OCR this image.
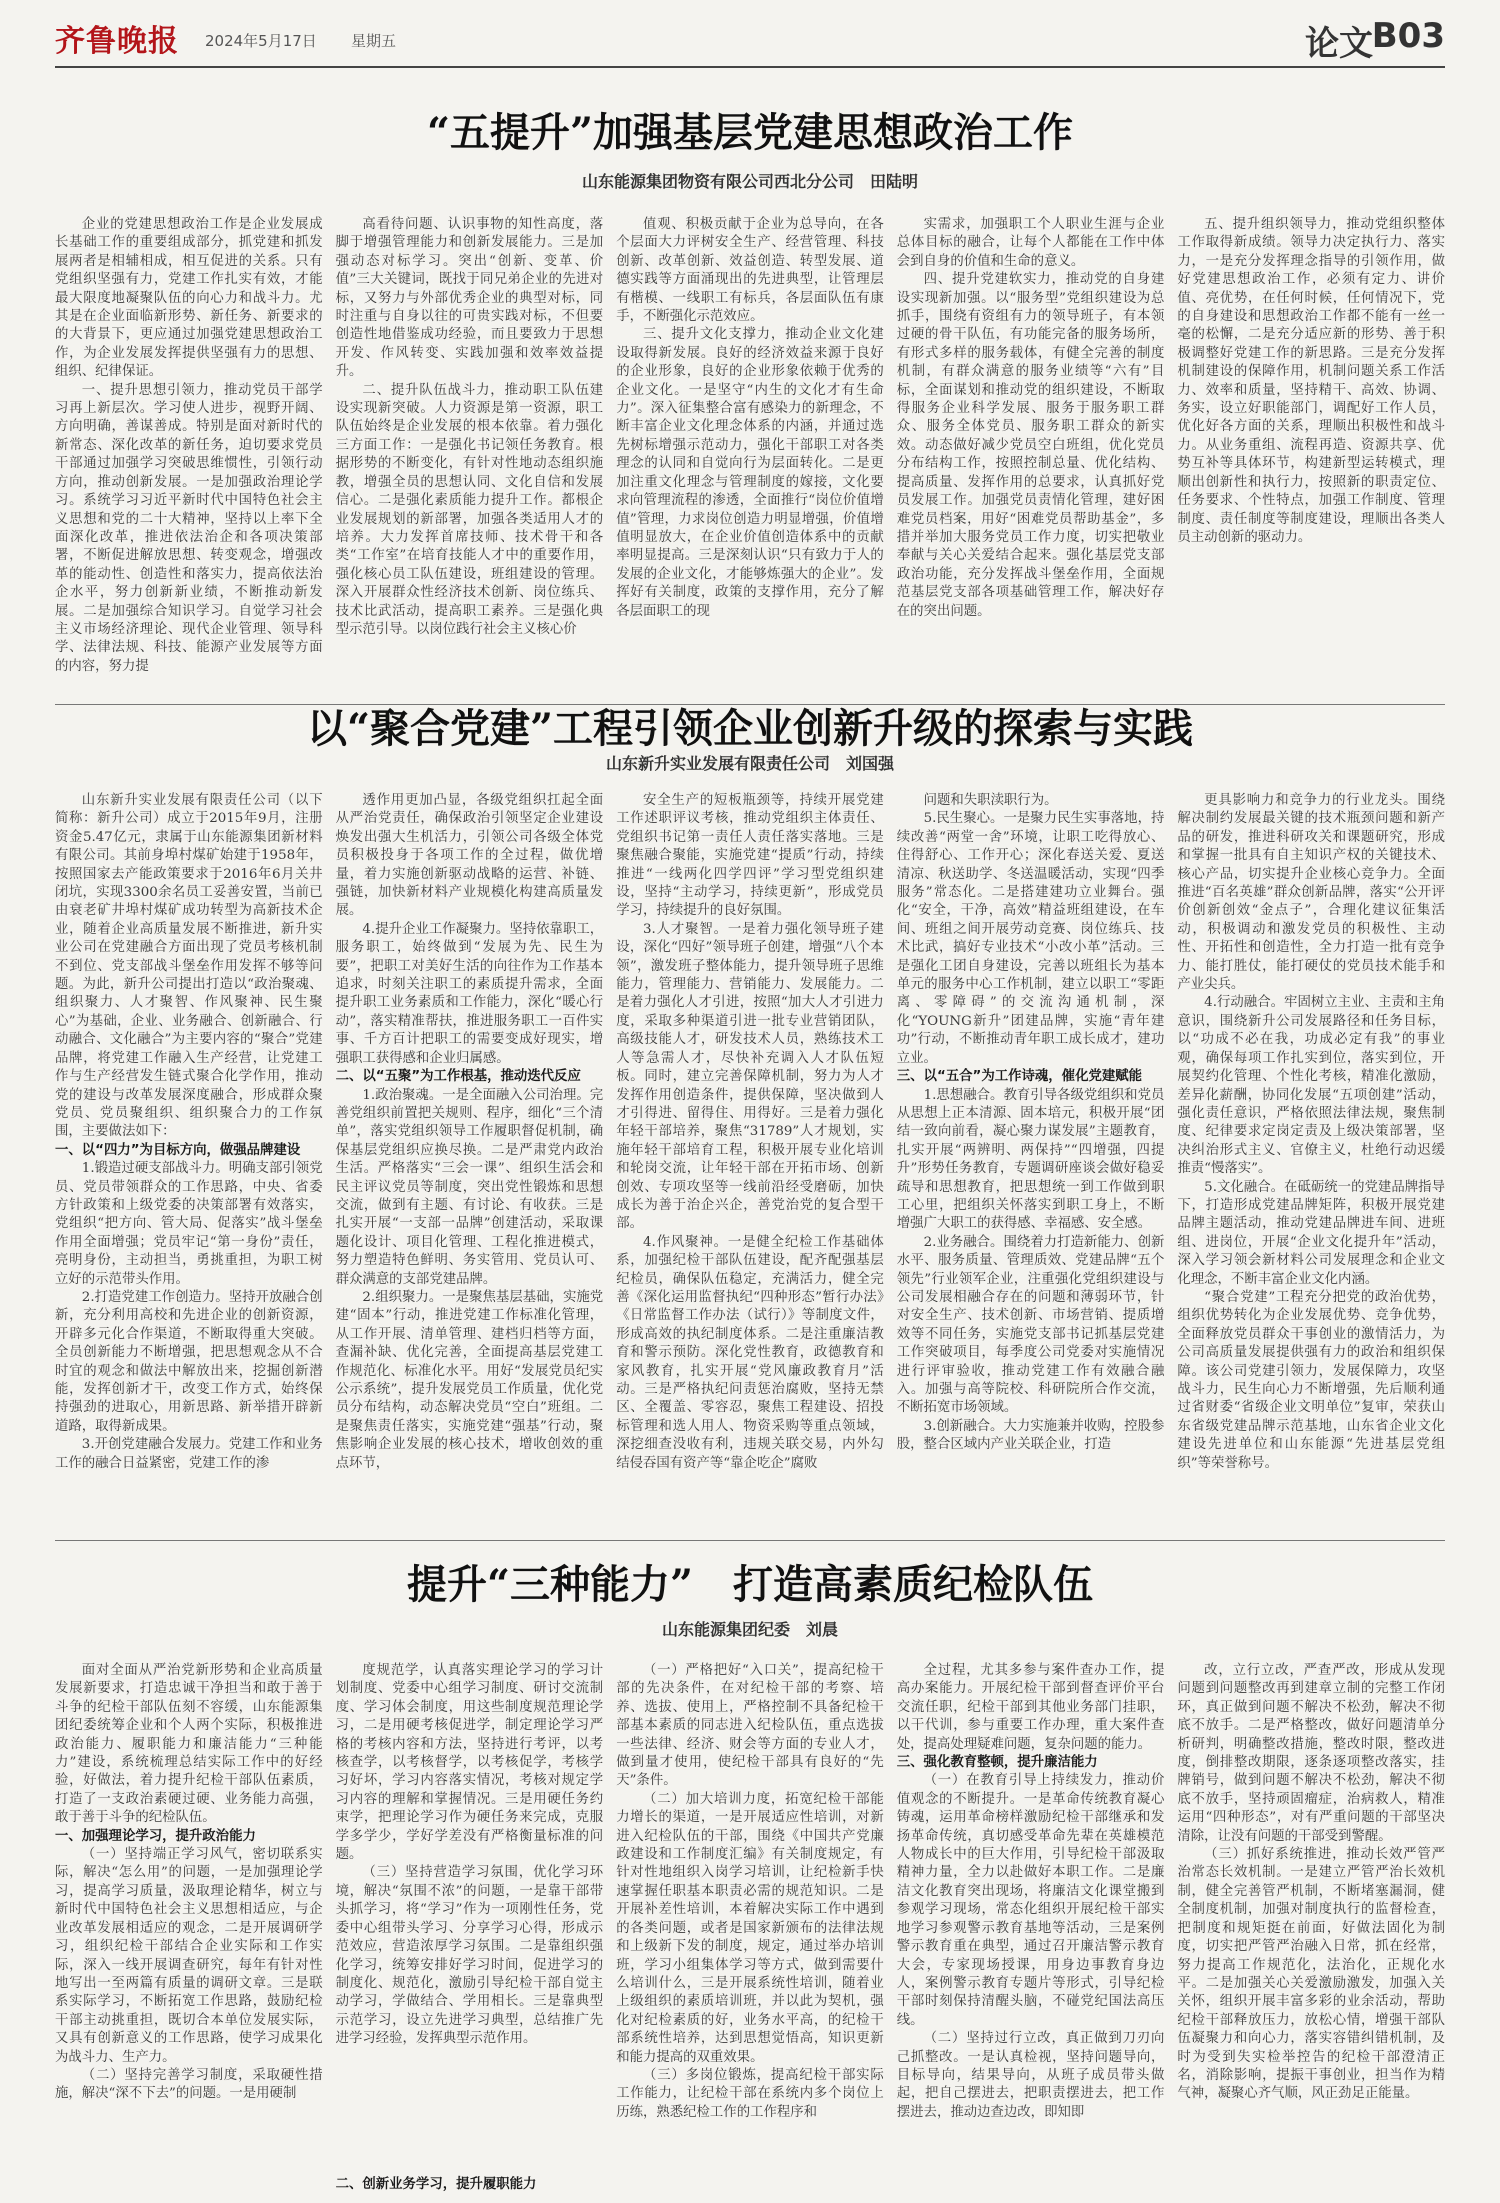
齐鲁晚报 2024年5月17日 星期五	论文
B03
“五提升”加强基层党建思想政治工作
山东能源集团物资有限公司西北分公司　田陆明

企业的党建思想政治工作是企业发展成长基础工作的重要组成部分，抓党建和抓发展两者是相辅相成，相互促进的关系。只有党组织坚强有力，党建工作扎实有效，才能最大限度地凝聚队伍的向心力和战斗力。尤其是在企业面临新形势、新任务、新要求的的大背景下，更应通过加强党建思想政治工作，为企业发展发挥提供坚强有力的思想、组织、纪律保证。

一、提升思想引领力，推动党员干部学习再上新层次。学习使人进步，视野开阔、方向明确，善谋善成。特别是面对新时代的新常态、深化改革的新任务，迫切要求党员干部通过加强学习突破思维惯性，引领行动方向，推动创新发展。一是加强政治理论学习。系统学习习近平新时代中国特色社会主义思想和党的二十大精神，坚持以上率下全面深化改革，推进依法治企和各项决策部署，不断促进解放思想、转变观念，增强改革的能动性、创造性和落实力，提高依法治企水平，努力创新新业绩，不断推动新发展。二是加强综合知识学习。自觉学习社会主义市场经济理论、现代企业管理、领导科学、法律法规、科技、能源产业发展等方面的内容，努力提

高看待问题、认识事物的知性高度，落脚于增强管理能力和创新发展能力。三是加强动态对标学习。突出“创新、变革、价值”三大关键词，既找于同兄弟企业的先进对标，又努力与外部优秀企业的典型对标，同时注重与自身以往的可贵实践对标，不但要创造性地借鉴成功经验，而且要致力于思想开发、作风转变、实践加强和效率效益提升。

二、提升队伍战斗力，推动职工队伍建设实现新突破。人力资源是第一资源，职工队伍始终是企业发展的根本依靠。着力强化三方面工作：一是强化书记领任务教育。根据形势的不断变化，有针对性地动态组织施教，增强全员的思想认同、文化自信和发展信心。二是强化素质能力提升工作。都根企业发展规划的新部署，加强各类适用人才的培养。大力发挥首席技师、技术骨干和各类“工作室”在培育技能人才中的重要作用，强化核心员工队伍建设，班组建设的管理。深入开展群众性经济技术创新、岗位练兵、技术比武活动，提高职工素养。三是强化典型示范引导。以岗位践行社会主义核心价

值观、积极贡献于企业为总导向，在各个层面大力评树安全生产、经营管理、科技创新、改革创新、效益创造、转型发展、道德实践等方面涌现出的先进典型，让管理层有楷模、一线职工有标兵，各层面队伍有康手，不断强化示范效应。

三、提升文化支撑力，推动企业文化建设取得新发展。良好的经济效益来源于良好的企业形象，良好的企业形象依赖于优秀的企业文化。一是坚守“内生的文化才有生命力”。深入征集整合富有感染力的新理念，不断丰富企业文化理念体系的内涵，并通过选先树标增强示范动力，强化干部职工对各类理念的认同和自觉向行为层面转化。二是更加注重文化理念与管理制度的嫁接，文化要求向管理流程的渗透，全面推行“岗位价值增值”管理，力求岗位创造力明显增强，价值增值明显放大，在企业价值创造体系中的贡献率明显提高。三是深刻认识“只有致力于人的发展的企业文化，才能够炼强大的企业”。发挥好有关制度，政策的支撑作用，充分了解各层面职工的现

实需求，加强职工个人职业生涯与企业总体目标的融合，让每个人都能在工作中体会到自身的价值和生命的意义。

四、提升党建软实力，推动党的自身建设实现新加强。以“服务型”党组织建设为总抓手，围绕有资组有力的领导班子，有本领过硬的骨干队伍，有功能完备的服务场所，有形式多样的服务载体，有健全完善的制度机制，有群众满意的服务业绩等“六有”目标，全面谋划和推动党的组织建设，不断取得服务企业科学发展、服务于服务职工群众、服务全体党员、服务职工群众的新实效。动态做好减少党员空白班组，优化党员分布结构工作，按照控制总量、优化结构、提高质量、发挥作用的总要求，认真抓好党员发展工作。加强党员责情化管理，建好困难党员档案，用好“困难党员帮助基金”，多措并举加大服务党员工作力度，切实把敬业奉献与关心关爱结合起来。强化基层党支部政治功能，充分发挥战斗堡垒作用，全面规范基层党支部各项基础管理工作，解决好存在的突出问题。

五、提升组织领导力，推动党组织整体工作取得新成绩。领导力决定执行力、落实力，一是充分发挥理念指导的引领作用，做好党建思想政治工作，必须有定力、讲价值、亮优势，在任何时候，任何情况下，党的自身建设和思想政治工作都不能有一丝一毫的松懈，二是充分适应新的形势、善于积极调整好党建工作的新思路。三是充分发挥机制建设的保障作用，机制问题关系工作活力、效率和质量，坚持精干、高效、协调、务实，设立好职能部门，调配好工作人员，优化好各方面的关系，理顺出积极性和战斗力。从业务重组、流程再造、资源共享、优势互补等具体环节，构建新型运转模式，理顺出创新性和执行力，按照新的职责定位、任务要求、个性特点，加强工作制度、管理制度、责任制度等制度建设，理顺出各类人员主动创新的驱动力。

以“聚合党建”工程引领企业创新升级的探索与实践
山东新升实业发展有限责任公司　刘国强

山东新升实业发展有限责任公司（以下简称：新升公司）成立于2015年9月，注册资金5.47亿元，隶属于山东能源集团新材料有限公司。其前身埠村煤矿始建于1958年，按照国家去产能政策要求于2016年6月关井闭坑，实现3300余名员工妥善安置，当前已由衰老矿井埠村煤矿成功转型为高新技术企业，随着企业高质量发展不断推进，新升实业公司在党建融合方面出现了党员考核机制不到位、党支部战斗堡垒作用发挥不够等问题。为此，新升公司提出打造以“政治聚魂、组织聚力、人才聚智、作风聚神、民生聚心”为基础，企业、业务融合、创新融合、行动融合、文化融合”为主要内容的“聚合”党建品牌，将党建工作融入生产经营，让党建工作与生产经营发生链式聚合化学作用，推动党的建设与改革发展深度融合，形成群众聚党员、党员聚组织、组织聚合力的工作氛围，主要做法如下：

一、以“四力”为目标方向，做强品牌建设

1.锻造过硬支部战斗力。明确支部引领党员、党员带领群众的工作思路，中央、省委方针政策和上级党委的决策部署有效落实，党组织“把方向、管大局、促落实”战斗堡垒作用全面增强；党员牢记“第一身份”责任，亮明身份，主动担当，勇挑重担，为职工树立好的示范带头作用。

2.打造党建工作创造力。坚持开放融合创新，充分利用高校和先进企业的创新资源，开辟多元化合作渠道，不断取得重大突破。全员创新能力不断增强，把思想观念从不合时宜的观念和做法中解放出来，挖掘创新潜能，发挥创新才干，改变工作方式，始终保持强劲的进取心，用新思路、新举措开辟新道路，取得新成果。

3.开创党建融合发展力。党建工作和业务工作的融合日益紧密，党建工作的渗

透作用更加凸显，各级党组织扛起全面从严治党责任，确保政治引领坚定企业建设焕发出强大生机活力，引领公司各级全体党员积极投身于各项工作的全过程，做优增量，着力实施创新驱动战略的运营、补链、强链，加快新材料产业规模化构建高质量发展。

4.提升企业工作凝聚力。坚持依靠职工，服务职工，始终做到“发展为先、民生为要”，把职工对美好生活的向往作为工作基本追求，时刻关注职工的素质提升需求，全面提升职工业务素质和工作能力，深化“暖心行动”，落实精准帮扶，推进服务职工一百件实事、千方百计把职工的需要变成好现实，增强职工获得感和企业归属感。

二、以“五聚”为工作根基，推动迭代反应

1.政治聚魂。一是全面融入公司治理。完善党组织前置把关规则、程序，细化“三个清单”，落实党组织领导工作履职督促机制，确保基层党组织应换尽换。二是严肃党内政治生活。严格落实“三会一课”、组织生活会和民主评议党员等制度，突出党性锻炼和思想交流，做到有主题、有讨论、有收获。三是扎实开展“一支部一品牌”创建活动，采取课题化设计、项目化管理、工程化推进模式，努力塑造特色鲜明、务实管用、党员认可、群众满意的支部党建品牌。

2.组织聚力。一是聚焦基层基础，实施党建“固本”行动，推进党建工作标准化管理，从工作开展、清单管理、建档归档等方面，查漏补缺、优化完善，全面提高基层党建工作规范化、标准化水平。用好“发展党员纪实公示系统”，提升发展党员工作质量，优化党员分布结构，动态解决党员“空白”班组。二是聚焦责任落实，实施党建“强基”行动，聚焦影响企业发展的核心技术，增收创效的重点环节，

安全生产的短板瓶颈等，持续开展党建工作述职评议考核，推动党组织主体责任、党组织书记第一责任人责任落实落地。三是聚焦融合聚能，实施党建“提质”行动，持续推进“一线两化四学四评”学习型党组织建设，坚持“主动学习，持续更新”，形成党员学习，持续提升的良好氛围。

3.人才聚智。一是着力强化领导班子建设，深化“四好”领导班子创建，增强“八个本领”，激发班子整体能力，提升领导班子思维能力，管理能力、营销能力、发展能力。二是着力强化人才引进，按照“加大人才引进力度，采取多种渠道引进一批专业营销团队，高级技能人才，研发技术人员，熟练技术工人等急需人才，尽快补充调入人才队伍短板。同时，建立完善保障机制，努力为人才发挥作用创造条件，提供保障，坚决做到人才引得进、留得住、用得好。三是着力强化年轻干部培养，聚焦“31789”人才规划，实施年轻干部培育工程，积极开展专业化培训和轮岗交流，让年轻干部在开拓市场、创新创效、专项攻坚等一线前沿经受磨砺，加快成长为善于治企兴企，善党治党的复合型干部。

4.作风聚神。一是健全纪检工作基础体系，加强纪检干部队伍建设，配齐配强基层纪检员，确保队伍稳定，充满活力，健全完善《深化运用监督执纪“四种形态”暂行办法》《日常监督工作办法（试行）》等制度文件，形成高效的执纪制度体系。二是注重廉洁教育和警示预防。深化党性教育，政德教育和家风教育，扎实开展“党风廉政教育月”活动。三是严格执纪问责惩治腐败，坚持无禁区、全覆盖、零容忍，聚焦工程建设、招投标管理和选人用人、物资采购等重点领域，深挖细查没收有利，违规关联交易，内外勾结侵吞国有资产等“靠企吃企”腐败

问题和失职渎职行为。

5.民生聚心。一是聚力民生实事落地，持续改善“两堂一舍”环境，让职工吃得放心、住得舒心、工作开心；深化春送关爱、夏送清凉、秋送助学、冬送温暖活动，实现“四季服务”常态化。二是搭建建功立业舞台。强化“安全，干净，高效”精益班组建设，在车间、班组之间开展劳动竞赛、岗位练兵、技术比武，搞好专业技术“小改小革”活动。三是强化工团自身建设，完善以班组长为基本单元的服务中心工作机制，建立以职工“零距离、零障碍”的交流沟通机制，深化“YOUNG新升”团建品牌，实施“青年建功”行动，不断推动青年职工成长成才，建功立业。

三、以“五合”为工作诗魂，催化党建赋能

1.思想融合。教育引导各级党组织和党员从思想上正本清源、固本培元，积极开展“团结一致向前看，凝心聚力谋发展”主题教育，扎实开展“两辨明、两保持”“四增强，四提升”形势任务教育，专题调研座谈会做好稳妥疏导和思想教育，把思想统一到工作做到职工心里，把组织关怀落实到职工身上，不断增强广大职工的获得感、幸福感、安全感。

2.业务融合。围绕着力打造新能力、创新水平、服务质量、管理质效、党建品牌“五个领先”行业领军企业，注重强化党组织建设与公司发展相融合存在的问题和薄弱环节，针对安全生产、技术创新、市场营销、提质增效等不同任务，实施党支部书记抓基层党建工作突破项目，每季度公司党委对实施情况进行评审验收，推动党建工作有效融合融入。加强与高等院校、科研院所合作交流，不断拓宽市场领域。

3.创新融合。大力实施兼并收购，控股参股，整合区域内产业关联企业，打造

更具影响力和竞争力的行业龙头。围绕解决制约发展最关键的技术瓶颈问题和新产品的研发，推进科研攻关和课题研究，形成和掌握一批具有自主知识产权的关键技术、核心产品，切实提升企业核心竞争力。全面推进“百名英雄”群众创新品牌，落实“公开评价创新创效“金点子”，合理化建议征集活动，积极调动和激发党员的积极性、主动性、开拓性和创造性，全力打造一批有竞争力、能打胜仗，能打硬仗的党员技术能手和产业尖兵。

4.行动融合。牢固树立主业、主责和主角意识，围绕新升公司发展路径和任务目标，以“功成不必在我，功成必定有我”的事业观，确保每项工作扎实到位，落实到位，开展契约化管理、个性化考核，精准化激励，差异化薪酬，协同化发展“五项创建”活动，强化责任意识，严格依照法律法规，聚焦制度、纪律要求定岗定责及上级决策部署，坚决纠治形式主义、官僚主义，杜绝行动迟缓推责“慢落实”。

5.文化融合。在砥砺统一的党建品牌指导下，打造形成党建品牌矩阵，积极开展党建品牌主题活动，推动党建品牌进车间、进班组、进岗位，开展“企业文化提升年”活动，深入学习领会新材料公司发展理念和企业文化理念，不断丰富企业文化内涵。

“聚合党建”工程充分把党的政治优势，组织优势转化为企业发展优势、竞争优势，全面释放党员群众干事创业的激情活力，为公司高质量发展提供强有力的政治和组织保障。该公司党建引领力，发展保障力，攻坚战斗力，民生向心力不断增强，先后顺利通过省财委“省级企业文明单位”复审，荣获山东省级党建品牌示范基地，山东省企业文化建设先进单位和山东能源“先进基层党组织”等荣誉称号。

提升“三种能力”　打造高素质纪检队伍
山东能源集团纪委　刘晨

面对全面从严治党新形势和企业高质量发展新要求，打造忠诚干净担当和敢于善于斗争的纪检干部队伍刻不容缓，山东能源集团纪委统筹企业和个人两个实际，积极推进政治能力、履职能力和廉洁能力“三种能力”建设，系统梳理总结实际工作中的好经验，好做法，着力提升纪检干部队伍素质，打造了一支政治素硬过硬、业务能力高强，敢于善于斗争的纪检队伍。

一、加强理论学习，提升政治能力

（一）坚持端正学习风气，密切联系实际，解决“怎么用”的问题，一是加强理论学习，提高学习质量，汲取理论精华，树立与新时代中国特色社会主义思想相适应，与企业改革发展相适应的观念，二是开展调研学习，组织纪检干部结合企业实际和工作实际，深入一线开展调查研究，每年有针对性地写出一至两篇有质量的调研文章。三是联系实际学习，不断拓宽工作思路，鼓励纪检干部主动挑重担，既切合本单位发展实际，又具有创新意义的工作思路，使学习成果化为战斗力、生产力。

（二）坚持完善学习制度，采取硬性措施，解决“深不下去”的问题。一是用硬制

度规范学，认真落实理论学习的学习计划制度、党委中心组学习制度、研讨交流制度、学习体会制度，用这些制度规范理论学习，二是用硬考核促进学，制定理论学习严格的考核内容和方法，坚持进行考评，以考核查学，以考核督学，以考核促学，考核学习好坏，学习内容落实情况，考核对规定学习内容的理解和掌握情况。三是用硬任务约束学，把理论学习作为硬任务来完成，克服学多学少，学好学差没有严格衡量标准的问题。

（三）坚持营造学习氛围，优化学习环境，解决“氛围不浓”的问题，一是靠干部带头抓学习，将“学习”作为一项刚性任务，党委中心组带头学习、分享学习心得，形成示范效应，营造浓厚学习氛围。二是靠组织强化学习，统筹安排好学习时间，促进学习的制度化、规范化，激励引导纪检干部自觉主动学习，学做结合、学用相长。三是靠典型示范学习，设立先进学习典型，总结推广先进学习经验，发挥典型示范作用。

二、创新业务学习，提升履职能力

（一）严格把好“入口关”，提高纪检干部的先决条件，在对纪检干部的考察、培养、选拔、使用上，严格控制不具备纪检干部基本素质的同志进入纪检队伍，重点选拔一些法律、经济、财会等方面的专业人才，做到量才使用，使纪检干部具有良好的“先天”条件。

（二）加大培训力度，拓宽纪检干部能力增长的渠道，一是开展适应性培训，对新进入纪检队伍的干部，围绕《中国共产党廉政建设和工作制度汇编》有关制度规定，有针对性地组织入岗学习培训，让纪检新手快速掌握任职基本职责必需的规范知识。二是开展补差性培训，本着解决实际工作中遇到的各类问题，或者是国家新颁布的法律法规和上级新下发的制度，规定，通过举办培训班，学习小组集体学习等方式，做到需要什么培训什么，三是开展系统性培训，随着业上级组织的素质培训班，并以此为契机，强化对纪检素质的好，业务水平高，的纪检干部系统性培养，达到思想觉悟高，知识更新和能力提高的双重效果。

（三）多岗位锻炼，提高纪检干部实际工作能力，让纪检干部在系统内多个岗位上历练，熟悉纪检工作的工作程序和

全过程，尤其多参与案件查办工作，提高办案能力。开展纪检干部到督查评价平台交流任职，纪检干部到其他业务部门挂职，以干代训，参与重要工作办理，重大案件查处，提高处理疑难问题，复杂问题的能力。

三、强化教育整顿，提升廉洁能力

（一）在教育引导上持续发力，推动价值观念的不断提升。一是革命传统教育凝心铸魂，运用革命榜样激励纪检干部继承和发扬革命传统，真切感受革命先辈在英雄模范人物成长中的巨大作用，引导纪检干部汲取精神力量，全力以赴做好本职工作。二是廉洁文化教育突出现场，将廉洁文化课堂搬到参观学习现场，常态化组织开展纪检干部实地学习参观警示教育基地等活动，三是案例警示教育重在典型，通过召开廉洁警示教育大会，专家现场授课，用身边事教育身边人，案例警示教育专题片等形式，引导纪检干部时刻保持清醒头脑，不碰党纪国法高压线。

（二）坚持过行立改，真正做到刀刃向己抓整改。一是认真检视，坚持问题导向，目标导向，结果导向，从班子成员带头做起，把自己摆进去，把职责摆进去，把工作摆进去，推动边查边改，即知即

改，立行立改，严查严改，形成从发现问题到问题整改再到建章立制的完整工作闭环，真正做到问题不解决不松劲，解决不彻底不放手。二是严格整改，做好问题清单分析研判，明确整改措施，整改时限，整改进度，倒排整改期限，逐条逐项整改落实，挂牌销号，做到问题不解决不松劲，解决不彻底不放手，坚持顽固瘤症，治病救人，精准运用“四种形态”，对有严重问题的干部坚决清除，让没有问题的干部受到警醒。

（三）抓好系统推进，推动长效严管严治常态长效机制。一是建立严管严治长效机制，健全完善管严机制，不断堵塞漏洞，健全制度机制，加强对制度执行的监督检查，把制度和规矩挺在前面，好做法固化为制度，切实把严管严治融入日常，抓在经常，努力提高工作规范化，法治化，正规化水平。二是加强关心关爱激励激发，加强入关关怀，组织开展丰富多彩的业余活动，帮助纪检干部释放压力，放松心情，增强干部队伍凝聚力和向心力，落实容错纠错机制，及时为受到失实检举控告的纪检干部澄清正名，消除影响，提振干事创业，担当作为精气神，凝聚心齐气顺，风正劲足正能量。
